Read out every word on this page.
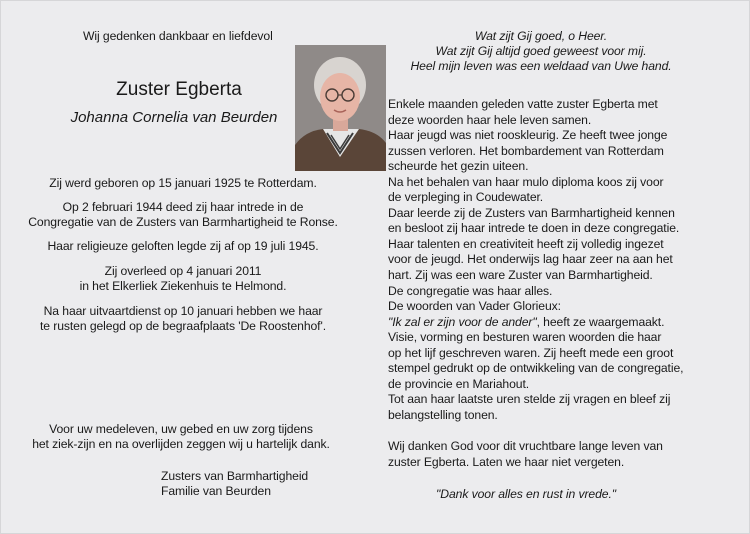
Wij gedenken dankbaar en liefdevol
Zuster Egberta
Johanna Cornelia van Beurden
Zij werd geboren op 15 januari 1925 te Rotterdam.
Op 2 februari 1944 deed zij haar intrede in de
Congregatie van de Zusters van Barmhartigheid te Ronse.
Haar religieuze geloften legde zij af op 19 juli 1945.
Zij overleed op 4 januari 2011
in het Elkerliek Ziekenhuis te Helmond.
Na haar uitvaartdienst op 10 januari hebben we haar
te rusten gelegd op de begraafplaats 'De Roostenhof'.
Voor uw medeleven, uw gebed en uw zorg tijdens
het ziek-zijn en na overlijden zeggen wij u hartelijk dank.
Zusters van Barmhartigheid
Familie van Beurden
Wat zijt Gij goed, o Heer.
Wat zijt Gij altijd goed geweest voor mij.
Heel mijn leven was een weldaad van Uwe hand.
Enkele maanden geleden vatte zuster Egberta met
deze woorden haar hele leven samen.
Haar jeugd was niet rooskleurig. Ze heeft twee jonge
zussen verloren. Het bombardement van Rotterdam
scheurde het gezin uiteen.
Na het behalen van haar mulo diploma koos zij voor
de verpleging in Coudewater.
Daar leerde zij de Zusters van Barmhartigheid kennen
en besloot zij haar intrede te doen in deze congregatie.
Haar talenten en creativiteit heeft zij volledig ingezet
voor de jeugd. Het onderwijs lag haar zeer na aan het
hart. Zij was een ware Zuster van Barmhartigheid.
De congregatie was haar alles.
De woorden van Vader Glorieux:
"Ik zal er zijn voor de ander", heeft ze waargemaakt.
Visie, vorming en besturen waren woorden die haar
op het lijf geschreven waren. Zij heeft mede een groot
stempel gedrukt op de ontwikkeling van de congregatie,
de provincie en Mariahout.
Tot aan haar laatste uren stelde zij vragen en bleef zij
belangstelling tonen.
Wij danken God voor dit vruchtbare lange leven van
zuster Egberta. Laten we haar niet vergeten.
"Dank voor alles en rust in vrede."
